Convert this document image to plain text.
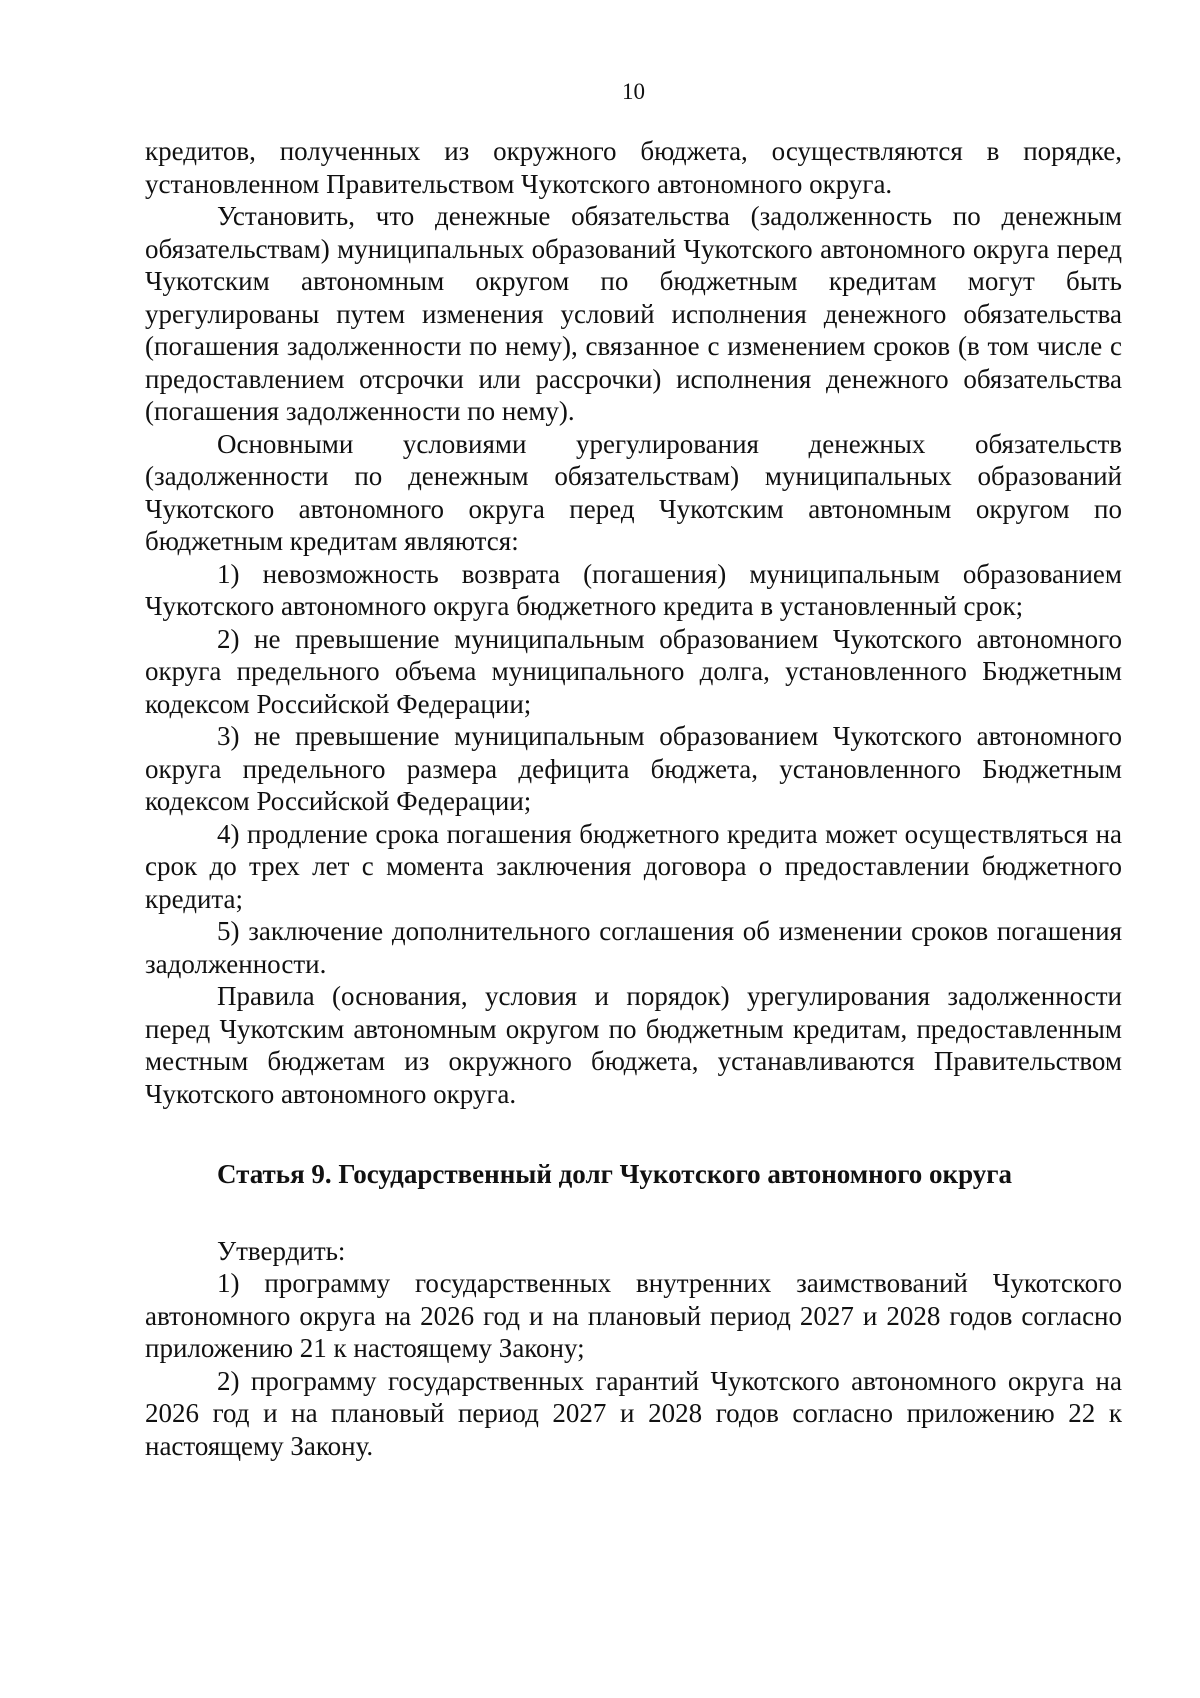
10

кредитов, полученных из окружного бюджета, осуществляются в порядке, установленном Правительством Чукотского автономного округа.

Установить, что денежные обязательства (задолженность по денежным обязательствам) муниципальных образований Чукотского автономного округа перед Чукотским автономным округом по бюджетным кредитам могут быть урегулированы путем изменения условий исполнения денежного обязательства (погашения задолженности по нему), связанное с изменением сроков (в том числе с предоставлением отсрочки или рассрочки) исполнения денежного обязательства (погашения задолженности по нему).

Основными условиями урегулирования денежных обязательств (задолженности по денежным обязательствам) муниципальных образований Чукотского автономного округа перед Чукотским автономным округом по бюджетным кредитам являются:

1) невозможность возврата (погашения) муниципальным образованием Чукотского автономного округа бюджетного кредита в установленный срок;

2) не превышение муниципальным образованием Чукотского автономного округа предельного объема муниципального долга, установленного Бюджетным кодексом Российской Федерации;

3) не превышение муниципальным образованием Чукотского автономного округа предельного размера дефицита бюджета, установленного Бюджетным кодексом Российской Федерации;

4) продление срока погашения бюджетного кредита может осуществляться на срок до трех лет с момента заключения договора о предоставлении бюджетного кредита;

5) заключение дополнительного соглашения об изменении сроков погашения задолженности.

Правила (основания, условия и порядок) урегулирования задолженности перед Чукотским автономным округом по бюджетным кредитам, предоставленным местным бюджетам из окружного бюджета, устанавливаются Правительством Чукотского автономного округа.

Статья 9. Государственный долг Чукотского автономного округа

Утвердить:

1) программу государственных внутренних заимствований Чукотского автономного округа на 2026 год и на плановый период 2027 и 2028 годов согласно приложению 21 к настоящему Закону;

2) программу государственных гарантий Чукотского автономного округа на 2026 год и на плановый период 2027 и 2028 годов согласно приложению 22 к настоящему Закону.
